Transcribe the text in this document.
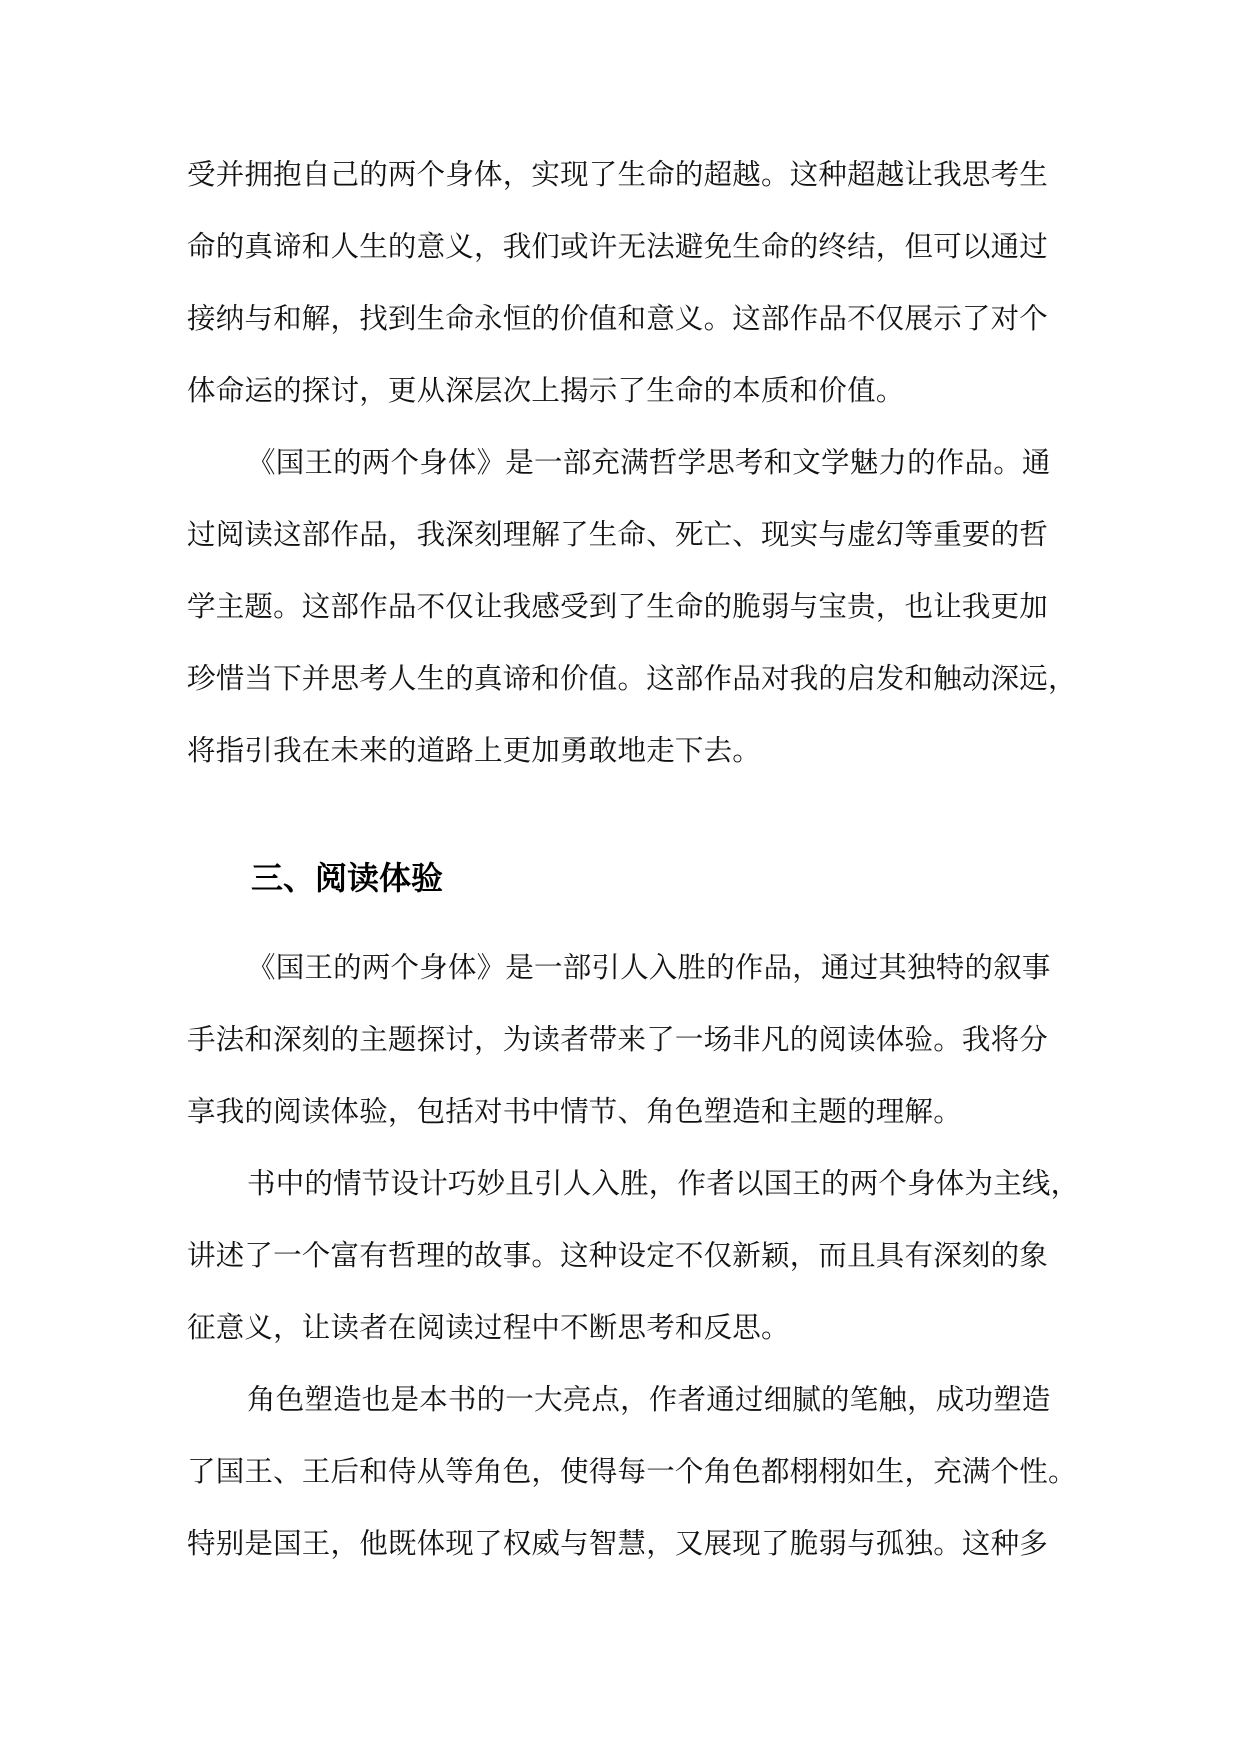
受并拥抱自己的两个身体，实现了生命的超越。这种超越让我思考生
命的真谛和人生的意义，我们或许无法避免生命的终结，但可以通过
接纳与和解，找到生命永恒的价值和意义。这部作品不仅展示了对个
体命运的探讨，更从深层次上揭示了生命的本质和价值。
《国王的两个身体》是一部充满哲学思考和文学魅力的作品。通
过阅读这部作品，我深刻理解了生命、死亡、现实与虚幻等重要的哲
学主题。这部作品不仅让我感受到了生命的脆弱与宝贵，也让我更加
珍惜当下并思考人生的真谛和价值。这部作品对我的启发和触动深远，
将指引我在未来的道路上更加勇敢地走下去。
三、阅读体验
《国王的两个身体》是一部引人入胜的作品，通过其独特的叙事
手法和深刻的主题探讨，为读者带来了一场非凡的阅读体验。我将分
享我的阅读体验，包括对书中情节、角色塑造和主题的理解。
书中的情节设计巧妙且引人入胜，作者以国王的两个身体为主线，
讲述了一个富有哲理的故事。这种设定不仅新颖，而且具有深刻的象
征意义，让读者在阅读过程中不断思考和反思。
角色塑造也是本书的一大亮点，作者通过细腻的笔触，成功塑造
了国王、王后和侍从等角色，使得每一个角色都栩栩如生，充满个性。
特别是国王，他既体现了权威与智慧，又展现了脆弱与孤独。这种多
